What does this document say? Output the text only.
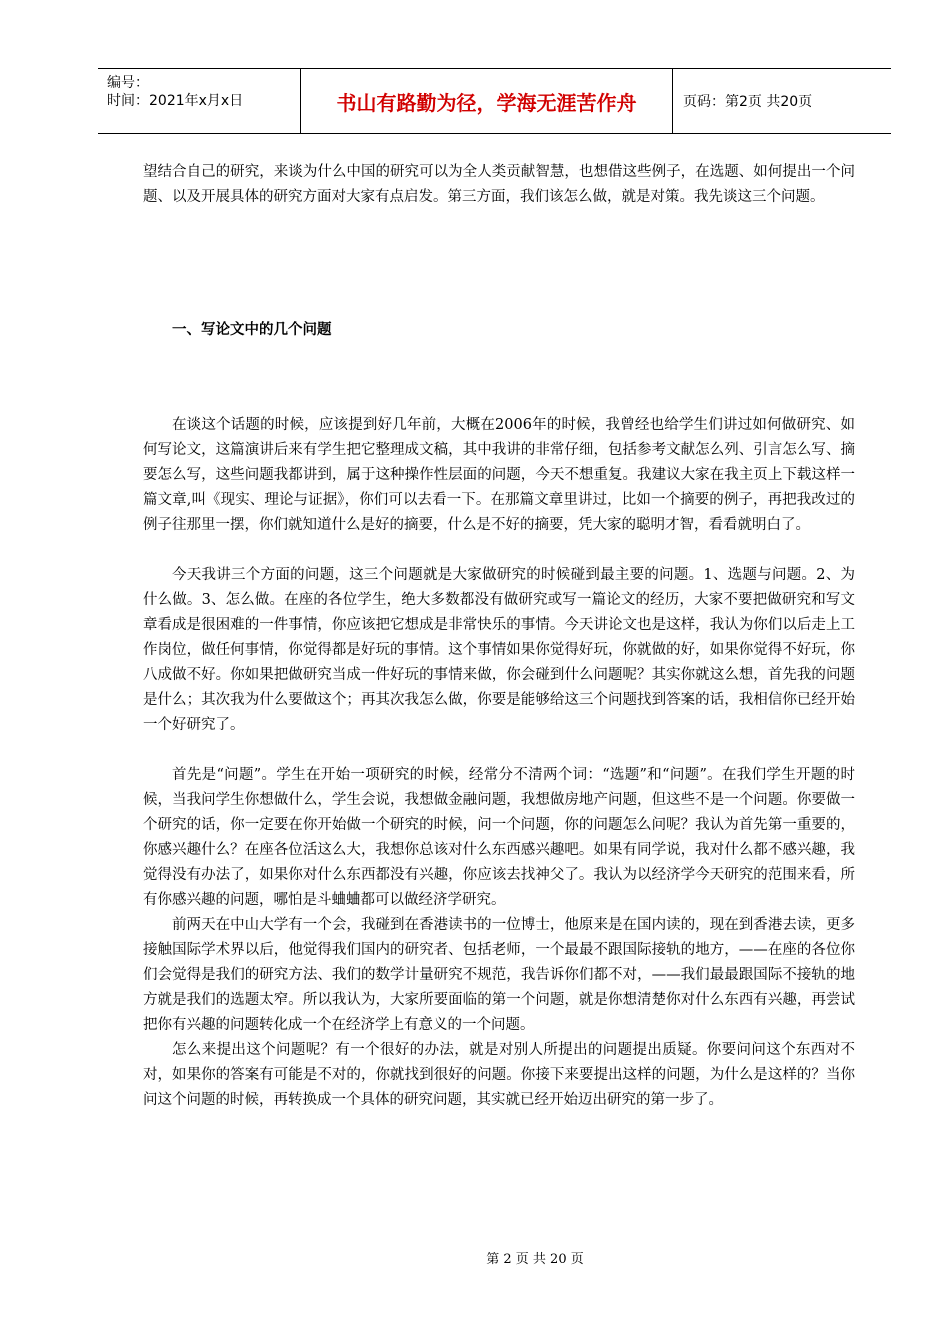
编号：
时间：2021年x月x日	书山有路勤为径，学海无涯苦作舟	页码：第2页 共20页

望结合自己的研究，来谈为什么中国的研究可以为全人类贡献智慧，也想借这些例子，在选题、如何提出一个问题、以及开展具体的研究方面对大家有点启发。第三方面，我们该怎么做，就是对策。我先谈这三个问题。

一、写论文中的几个问题

在谈这个话题的时候，应该提到好几年前，大概在2006年的时候，我曾经也给学生们讲过如何做研究、如何写论文，这篇演讲后来有学生把它整理成文稿，其中我讲的非常仔细，包括参考文献怎么列、引言怎么写、摘要怎么写，这些问题我都讲到，属于这种操作性层面的问题，今天不想重复。我建议大家在我主页上下载这样一篇文章,叫《现实、理论与证据》，你们可以去看一下。在那篇文章里讲过，比如一个摘要的例子，再把我改过的例子往那里一摆，你们就知道什么是好的摘要，什么是不好的摘要，凭大家的聪明才智，看看就明白了。

今天我讲三个方面的问题，这三个问题就是大家做研究的时候碰到最主要的问题。1、选题与问题。2、为什么做。3、怎么做。在座的各位学生，绝大多数都没有做研究或写一篇论文的经历，大家不要把做研究和写文章看成是很困难的一件事情，你应该把它想成是非常快乐的事情。今天讲论文也是这样，我认为你们以后走上工作岗位，做任何事情，你觉得都是好玩的事情。这个事情如果你觉得好玩，你就做的好，如果你觉得不好玩，你八成做不好。你如果把做研究当成一件好玩的事情来做，你会碰到什么问题呢？其实你就这么想，首先我的问题是什么；其次我为什么要做这个；再其次我怎么做，你要是能够给这三个问题找到答案的话，我相信你已经开始一个好研究了。

首先是“问题”。学生在开始一项研究的时候，经常分不清两个词：“选题”和“问题”。在我们学生开题的时候，当我问学生你想做什么，学生会说，我想做金融问题，我想做房地产问题，但这些不是一个问题。你要做一个研究的话，你一定要在你开始做一个研究的时候，问一个问题，你的问题怎么问呢？我认为首先第一重要的，你感兴趣什么？在座各位活这么大，我想你总该对什么东西感兴趣吧。如果有同学说，我对什么都不感兴趣，我觉得没有办法了，如果你对什么东西都没有兴趣，你应该去找神父了。我认为以经济学今天研究的范围来看，所有你感兴趣的问题，哪怕是斗蛐蛐都可以做经济学研究。

前两天在中山大学有一个会，我碰到在香港读书的一位博士，他原来是在国内读的，现在到香港去读，更多接触国际学术界以后，他觉得我们国内的研究者、包括老师，一个最最不跟国际接轨的地方，——在座的各位你们会觉得是我们的研究方法、我们的数学计量研究不规范，我告诉你们都不对，——我们最最跟国际不接轨的地方就是我们的选题太窄。所以我认为，大家所要面临的第一个问题，就是你想清楚你对什么东西有兴趣，再尝试把你有兴趣的问题转化成一个在经济学上有意义的一个问题。

怎么来提出这个问题呢？有一个很好的办法，就是对别人所提出的问题提出质疑。你要问问这个东西对不对，如果你的答案有可能是不对的，你就找到很好的问题。你接下来要提出这样的问题，为什么是这样的？当你问这个问题的时候，再转换成一个具体的研究问题，其实就已经开始迈出研究的第一步了。

第 2 页 共 20 页
